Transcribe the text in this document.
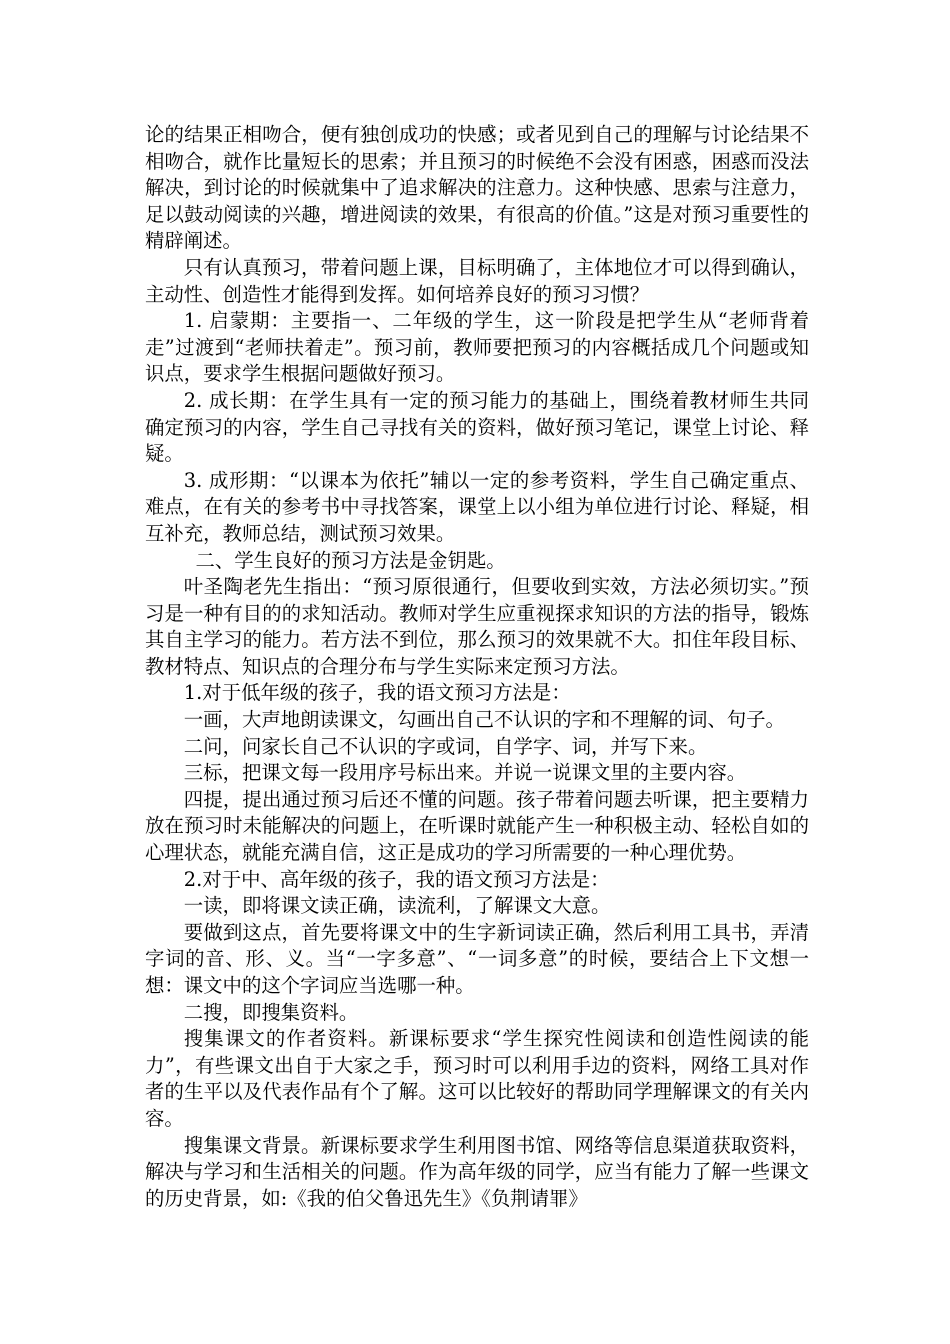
论的结果正相吻合，便有独创成功的快感；或者见到自己的理解与讨论结果不相吻合，就作比量短长的思索；并且预习的时候绝不会没有困惑，困惑而没法解决，到讨论的时候就集中了追求解决的注意力。这种快感、思索与注意力，足以鼓动阅读的兴趣，增进阅读的效果，有很高的价值。”这是对预习重要性的精辟阐述。

只有认真预习，带着问题上课，目标明确了，主体地位才可以得到确认，主动性、创造性才能得到发挥。如何培养良好的预习习惯？

1. 启蒙期：主要指一、二年级的学生，这一阶段是把学生从“老师背着走”过渡到“老师扶着走”。预习前，教师要把预习的内容概括成几个问题或知识点，要求学生根据问题做好预习。

2. 成长期：在学生具有一定的预习能力的基础上，围绕着教材师生共同确定预习的内容，学生自己寻找有关的资料，做好预习笔记，课堂上讨论、释疑。

3. 成形期：“以课本为依托”辅以一定的参考资料，学生自己确定重点、难点，在有关的参考书中寻找答案，课堂上以小组为单位进行讨论、释疑，相互补充，教师总结，测试预习效果。

二、学生良好的预习方法是金钥匙。

叶圣陶老先生指出：“预习原很通行，但要收到实效，方法必须切实。”预习是一种有目的的求知活动。教师对学生应重视探求知识的方法的指导，锻炼其自主学习的能力。若方法不到位，那么预习的效果就不大。扣住年段目标、教材特点、知识点的合理分布与学生实际来定预习方法。

1.对于低年级的孩子，我的语文预习方法是：

一画，大声地朗读课文，勾画出自己不认识的字和不理解的词、句子。

二问，问家长自己不认识的字或词，自学字、词，并写下来。

三标，把课文每一段用序号标出来。并说一说课文里的主要内容。

四提，提出通过预习后还不懂的问题。孩子带着问题去听课，把主要精力放在预习时未能解决的问题上，在听课时就能产生一种积极主动、轻松自如的心理状态，就能充满自信，这正是成功的学习所需要的一种心理优势。

2.对于中、高年级的孩子，我的语文预习方法是：

一读，即将课文读正确，读流利，了解课文大意。

要做到这点，首先要将课文中的生字新词读正确，然后利用工具书，弄清字词的音、形、义。当“一字多意”、“一词多意”的时候，要结合上下文想一想：课文中的这个字词应当选哪一种。

二搜，即搜集资料。

搜集课文的作者资料。新课标要求“学生探究性阅读和创造性阅读的能力”，有些课文出自于大家之手，预习时可以利用手边的资料，网络工具对作者的生平以及代表作品有个了解。这可以比较好的帮助同学理解课文的有关内容。

搜集课文背景。新课标要求学生利用图书馆、网络等信息渠道获取资料，解决与学习和生活相关的问题。作为高年级的同学，应当有能力了解一些课文的历史背景，如:《我的伯父鲁迅先生》《负荆请罪》
